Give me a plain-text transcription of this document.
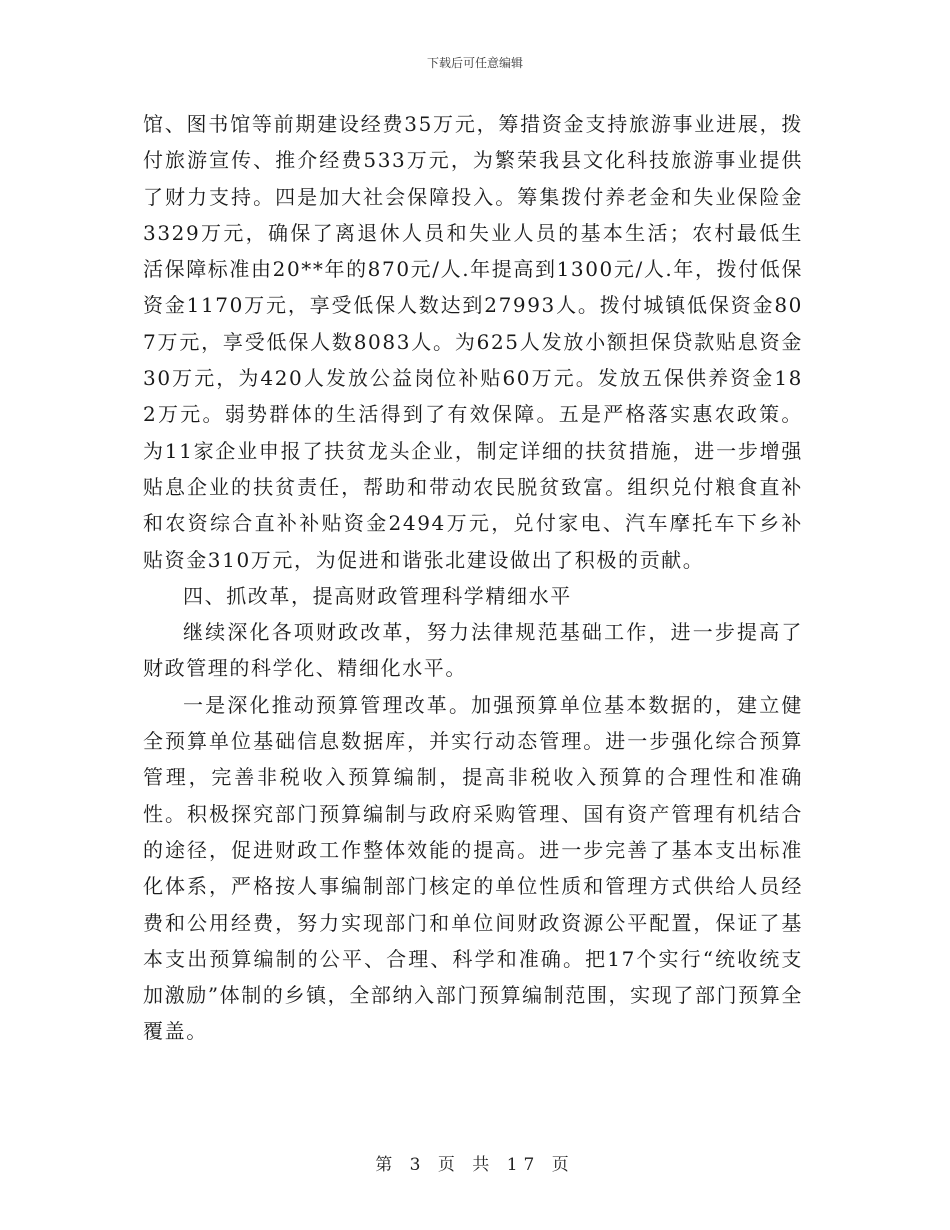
下载后可任意编辑

馆、图书馆等前期建设经费35万元，筹措资金支持旅游事业进展，拨付旅游宣传、推介经费533万元，为繁荣我县文化科技旅游事业提供了财力支持。四是加大社会保障投入。筹集拨付养老金和失业保险金3329万元，确保了离退休人员和失业人员的基本生活；农村最低生活保障标准由20**年的870元/人.年提高到1300元/人.年，拨付低保资金1170万元，享受低保人数达到27993人。拨付城镇低保资金807万元，享受低保人数8083人。为625人发放小额担保贷款贴息资金30万元，为420人发放公益岗位补贴60万元。发放五保供养资金182万元。弱势群体的生活得到了有效保障。五是严格落实惠农政策。为11家企业申报了扶贫龙头企业，制定详细的扶贫措施，进一步增强贴息企业的扶贫责任，帮助和带动农民脱贫致富。组织兑付粮食直补和农资综合直补补贴资金2494万元，兑付家电、汽车摩托车下乡补贴资金310万元，为促进和谐张北建设做出了积极的贡献。

四、抓改革，提高财政管理科学精细水平

继续深化各项财政改革，努力法律规范基础工作，进一步提高了财政管理的科学化、精细化水平。

一是深化推动预算管理改革。加强预算单位基本数据的，建立健全预算单位基础信息数据库，并实行动态管理。进一步强化综合预算管理，完善非税收入预算编制，提高非税收入预算的合理性和准确性。积极探究部门预算编制与政府采购管理、国有资产管理有机结合的途径，促进财政工作整体效能的提高。进一步完善了基本支出标准化体系，严格按人事编制部门核定的单位性质和管理方式供给人员经费和公用经费，努力实现部门和单位间财政资源公平配置，保证了基本支出预算编制的公平、合理、科学和准确。把17个实行“统收统支加激励”体制的乡镇，全部纳入部门预算编制范围，实现了部门预算全覆盖。

第 3 页 共 17 页
